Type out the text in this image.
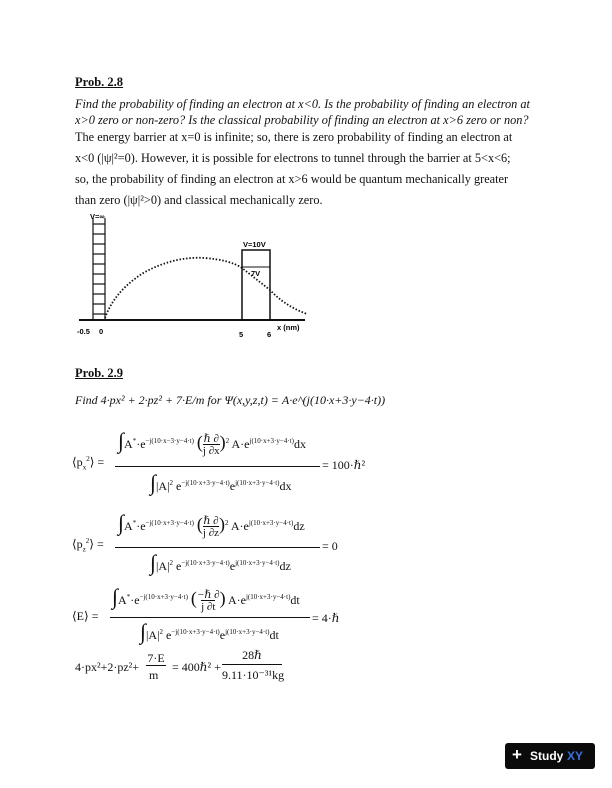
Prob. 2.8
Find the probability of finding an electron at x<0. Is the probability of finding an electron at
x>0 zero or non-zero? Is the classical probability of finding an electron at x>6 zero or non?
The energy barrier at x=0 is infinite; so, there is zero probability of finding an electron at
x<0 (|ψ|²=0). However, it is possible for electrons to tunnel through the barrier at 5<x<6;
so, the probability of finding an electron at x>6 would be quantum mechanically greater
than zero (|ψ|²>0) and classical mechanically zero.
V=∞
V=10V
7V
-0.5 0	5	6
x (nm)
Prob. 2.9
Find 4·px² + 2·pz² + 7·E/m for Ψ(x,y,z,t) = A·e^(j(10·x+3·y−4·t))
$⟨p_x^2⟩$ =
$\int A^*\cdot e^{-j(10\cdot x-3\cdot y-4\cdot t)}$ (ℏ ∂
j ∂x)$^2$ $A\cdot e^{j(10\cdot x+3\cdot y-4\cdot t)}dx$
$\int|A|^2$ $e^{-j(10\cdot x+3\cdot y-4\cdot t)}e^{j(10\cdot x+3\cdot y-4\cdot t)}dx$
= 100·ℏ²
$⟨p_z^2⟩$ =
$\int A^*\cdot e^{-j(10\cdot x+3\cdot y-4\cdot t)}$ (ℏ ∂
j ∂z)$^2$ $A\cdot e^{j(10\cdot x+3\cdot y-4\cdot t)}dz$
$\int|A|^2$ $e^{-j(10\cdot x+3\cdot y-4\cdot t)}e^{j(10\cdot x+3\cdot y-4\cdot t)}dz$
= 0
⟨E⟩ =
$\int A^*\cdot e^{-j(10\cdot x+3\cdot y-4\cdot t)}$ (−ℏ ∂
j ∂t ) $A\cdot e^{j(10\cdot x+3\cdot y-4\cdot t)}dt$
$\int|A|^2$ $e^{-j(10\cdot x+3\cdot y-4\cdot t)}e^{j(10\cdot x+3\cdot y-4\cdot t)}dt$
= 4·ℏ
4·px²+2·pz²+
7·E
m
= 400ℏ² +
28ℏ
9.11·10⁻³¹kg
+ Study XY
